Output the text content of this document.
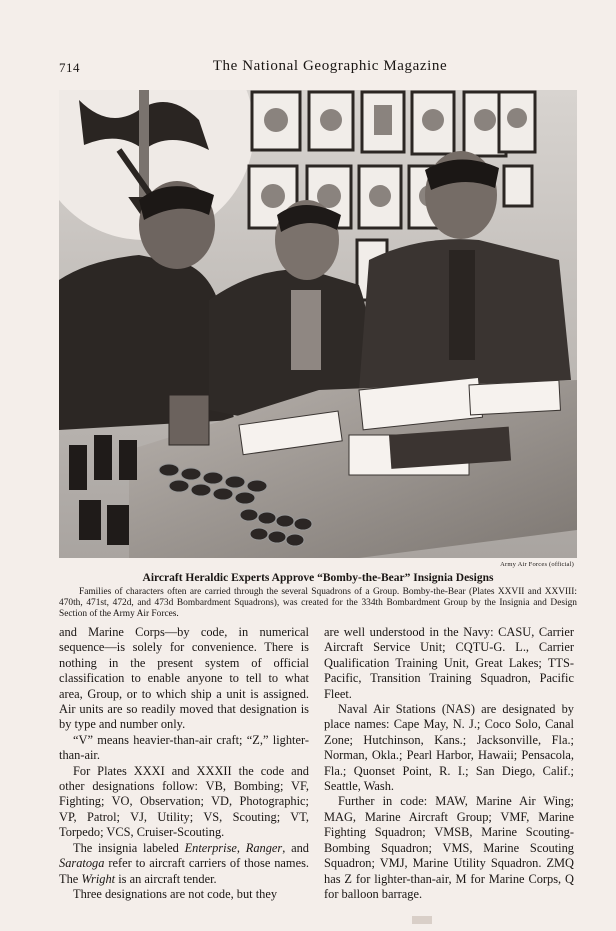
714	The National Geographic Magazine
Army Air Forces (official)
Aircraft Heraldic Experts Approve “Bomby-the-Bear” Insignia Designs
Families of characters often are carried through the several Squadrons of a Group. Bomby-the-Bear (Plates XXVII and XXVIII: 470th, 471st, 472d, and 473d Bombardment Squadrons), was created for the 334th Bombardment Group by the Insignia and Design Section of the Army Air Forces.

and Marine Corps—by code, in numerical sequence—is solely for convenience. There is nothing in the present system of official classification to enable anyone to tell to what area, Group, or to which ship a unit is assigned. Air units are so readily moved that designation is by type and number only.

“V” means heavier-than-air craft; “Z,” lighter-than-air.

For Plates XXXI and XXXII the code and other designations follow: VB, Bombing; VF, Fighting; VO, Observation; VD, Photographic; VP, Patrol; VJ, Utility; VS, Scouting; VT, Torpedo; VCS, Cruiser-Scouting.

The insignia labeled Enterprise, Ranger, and Saratoga refer to aircraft carriers of those names. The Wright is an aircraft tender.

Three designations are not code, but they

are well understood in the Navy: CASU, Carrier Aircraft Service Unit; CQTU-G. L., Carrier Qualification Training Unit, Great Lakes; TTS-Pacific, Transition Training Squadron, Pacific Fleet.

Naval Air Stations (NAS) are designated by place names: Cape May, N. J.; Coco Solo, Canal Zone; Hutchinson, Kans.; Jacksonville, Fla.; Norman, Okla.; Pearl Harbor, Hawaii; Pensacola, Fla.; Quonset Point, R. I.; San Diego, Calif.; Seattle, Wash.

Further in code: MAW, Marine Air Wing; MAG, Marine Aircraft Group; VMF, Marine Fighting Squadron; VMSB, Marine Scouting-Bombing Squadron; VMS, Marine Scouting Squadron; VMJ, Marine Utility Squadron. ZMQ has Z for lighter-than-air, M for Marine Corps, Q for balloon barrage.
